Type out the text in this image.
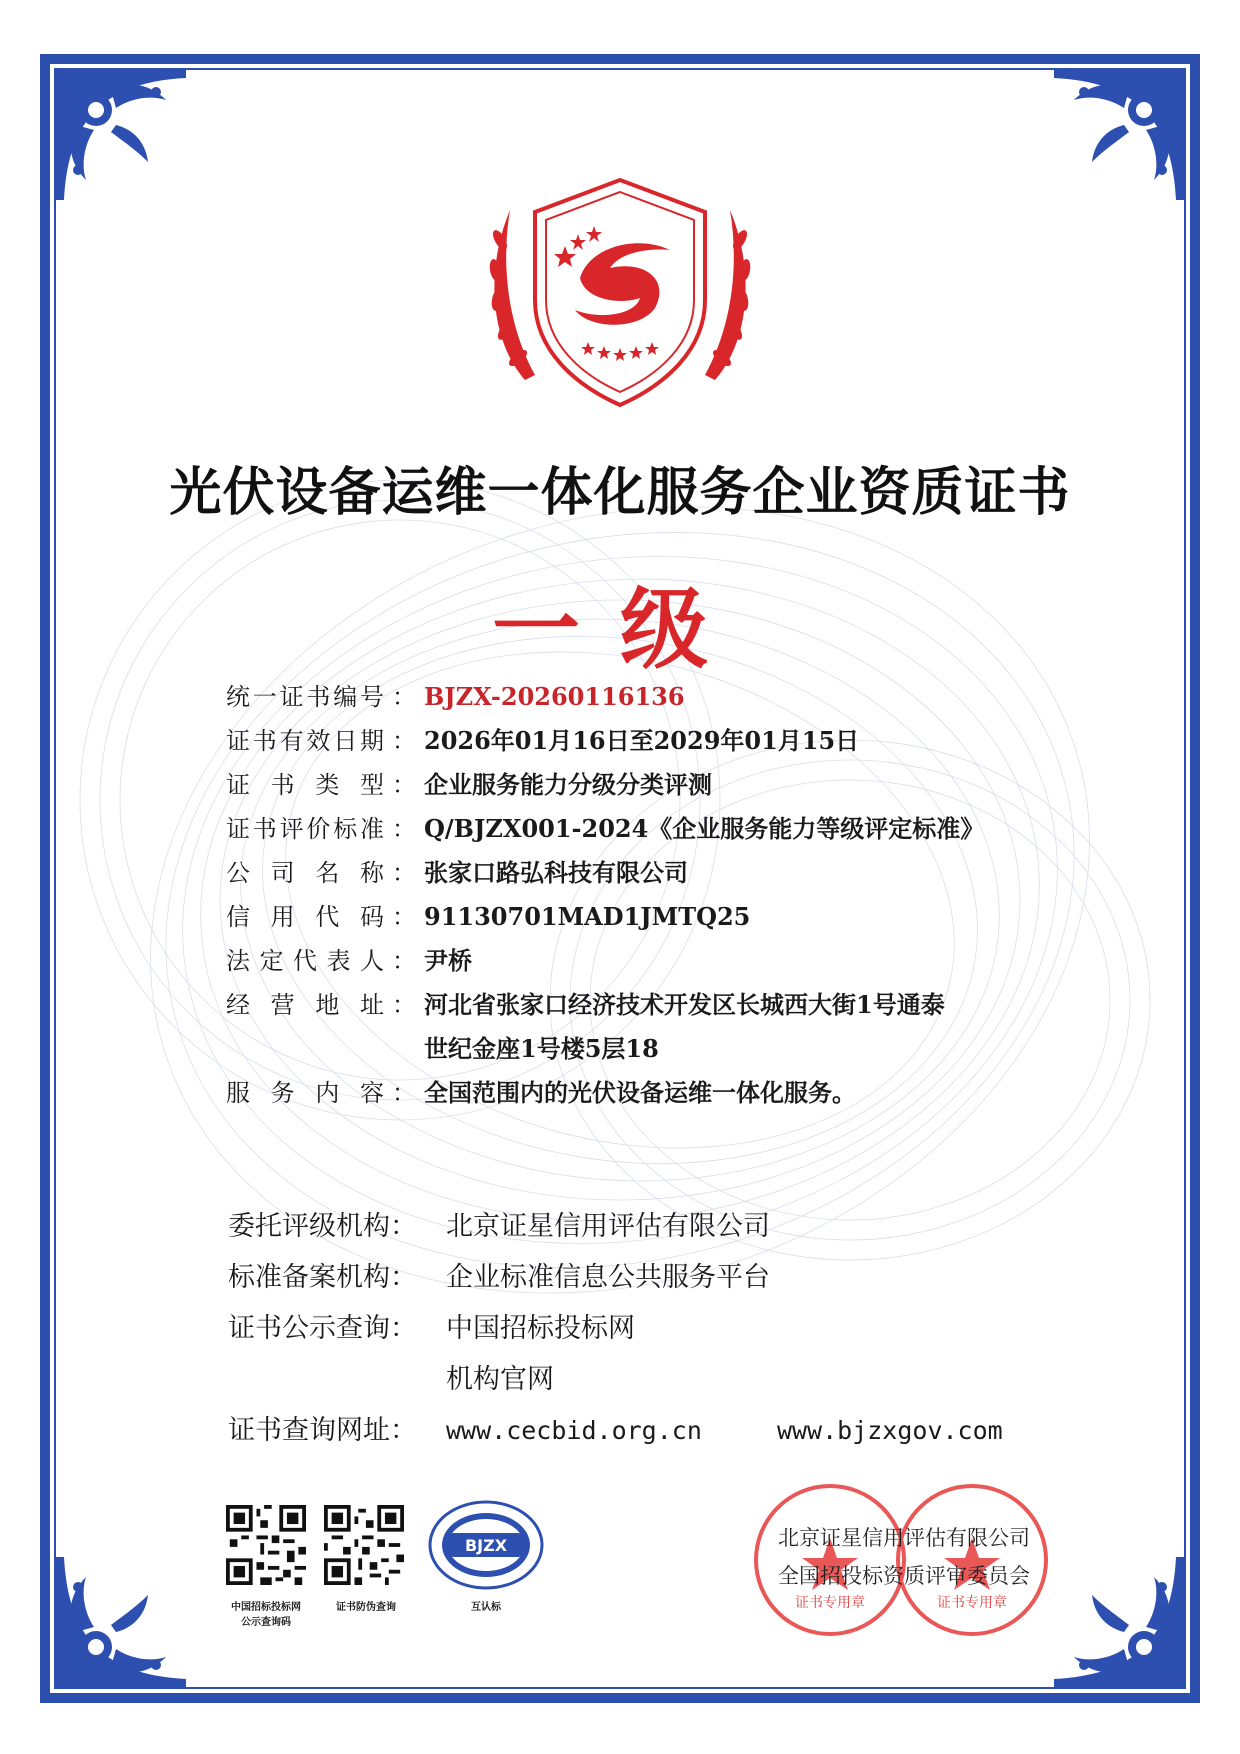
光伏设备运维一体化服务企业资质证书
一级
统一证书编号 ： BJZX-20260116136
证书有效日期 ： 2026年01月16日至2029年01月15日
证书类型 ： 企业服务能力分级分类评测
证书评价标准 ： Q/BJZX001-2024《企业服务能力等级评定标准》
公司名称 ： 张家口路弘科技有限公司
信用代码 ： 91130701MAD1JMTQ25
法定代表人 ： 尹桥
经营地址 ： 河北省张家口经济技术开发区长城西大街1号通泰
世纪金座1号楼5层18
服务内容 ： 全国范围内的光伏设备运维一体化服务。
委托评级机构：	北京证星信用评估有限公司
标准备案机构：	企业标准信息公共服务平台
证书公示查询：	中国招标投标网
机构官网
证书查询网址：	www.cecbid.org.cn	www.bjzxgov.com
中国招标投标网
公示查询码
证书防伪查询
BJZX
互认标
北京证星信用评估有限公司
全国招投标资质评审委员会
证书专用章	证书专用章
